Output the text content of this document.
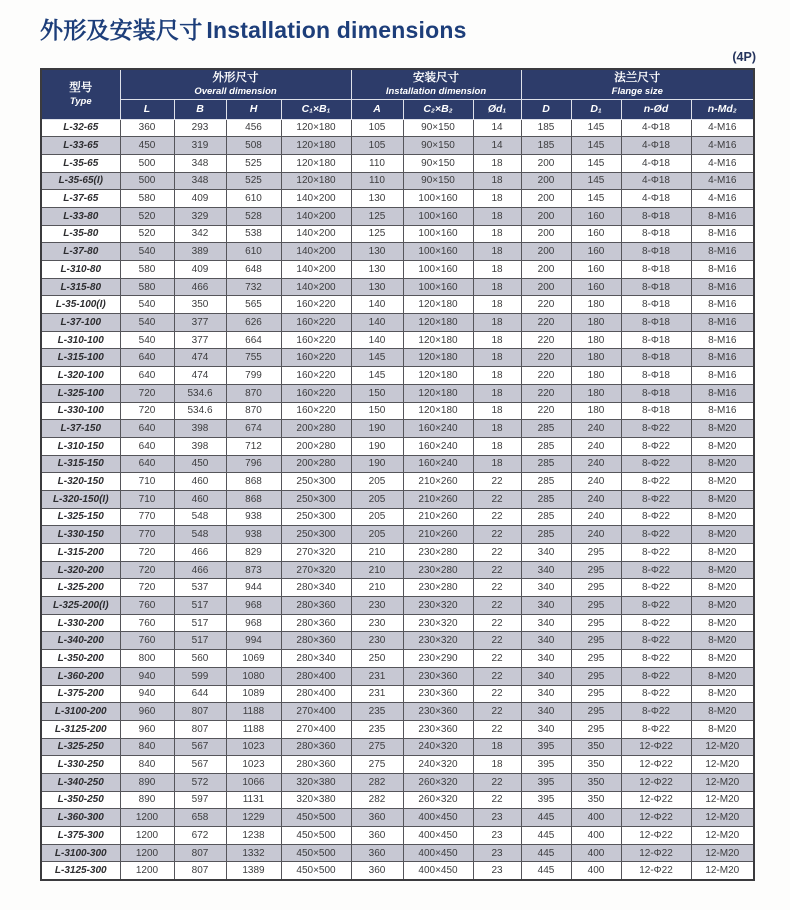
外形及安装尺寸 Installation dimensions
(4P)
型号
Type

外形尺寸
Overall dimension

安装尺寸
Installation dimension

法兰尺寸
Flange size

	L	B	H	C₁×B₁	A	C₂×B₂	Ød₁	D	D₁	n-Ød	n-Md₂
L-32-65	360	293	456	120×180	105	90×150	14	185	145	4-Φ18	4-M16
L-33-65	450	319	508	120×180	105	90×150	14	185	145	4-Φ18	4-M16
L-35-65	500	348	525	120×180	110	90×150	18	200	145	4-Φ18	4-M16
L-35-65(I)	500	348	525	120×180	110	90×150	18	200	145	4-Φ18	4-M16
L-37-65	580	409	610	140×200	130	100×160	18	200	145	4-Φ18	4-M16
L-33-80	520	329	528	140×200	125	100×160	18	200	160	8-Φ18	8-M16
L-35-80	520	342	538	140×200	125	100×160	18	200	160	8-Φ18	8-M16
L-37-80	540	389	610	140×200	130	100×160	18	200	160	8-Φ18	8-M16
L-310-80	580	409	648	140×200	130	100×160	18	200	160	8-Φ18	8-M16
L-315-80	580	466	732	140×200	130	100×160	18	200	160	8-Φ18	8-M16
L-35-100(I)	540	350	565	160×220	140	120×180	18	220	180	8-Φ18	8-M16
L-37-100	540	377	626	160×220	140	120×180	18	220	180	8-Φ18	8-M16
L-310-100	540	377	664	160×220	140	120×180	18	220	180	8-Φ18	8-M16
L-315-100	640	474	755	160×220	145	120×180	18	220	180	8-Φ18	8-M16
L-320-100	640	474	799	160×220	145	120×180	18	220	180	8-Φ18	8-M16
L-325-100	720	534.6	870	160×220	150	120×180	18	220	180	8-Φ18	8-M16
L-330-100	720	534.6	870	160×220	150	120×180	18	220	180	8-Φ18	8-M16
L-37-150	640	398	674	200×280	190	160×240	18	285	240	8-Φ22	8-M20
L-310-150	640	398	712	200×280	190	160×240	18	285	240	8-Φ22	8-M20
L-315-150	640	450	796	200×280	190	160×240	18	285	240	8-Φ22	8-M20
L-320-150	710	460	868	250×300	205	210×260	22	285	240	8-Φ22	8-M20
L-320-150(I)	710	460	868	250×300	205	210×260	22	285	240	8-Φ22	8-M20
L-325-150	770	548	938	250×300	205	210×260	22	285	240	8-Φ22	8-M20
L-330-150	770	548	938	250×300	205	210×260	22	285	240	8-Φ22	8-M20
L-315-200	720	466	829	270×320	210	230×280	22	340	295	8-Φ22	8-M20
L-320-200	720	466	873	270×320	210	230×280	22	340	295	8-Φ22	8-M20
L-325-200	720	537	944	280×340	210	230×280	22	340	295	8-Φ22	8-M20
L-325-200(I)	760	517	968	280×360	230	230×320	22	340	295	8-Φ22	8-M20
L-330-200	760	517	968	280×360	230	230×320	22	340	295	8-Φ22	8-M20
L-340-200	760	517	994	280×360	230	230×320	22	340	295	8-Φ22	8-M20
L-350-200	800	560	1069	280×340	250	230×290	22	340	295	8-Φ22	8-M20
L-360-200	940	599	1080	280×400	231	230×360	22	340	295	8-Φ22	8-M20
L-375-200	940	644	1089	280×400	231	230×360	22	340	295	8-Φ22	8-M20
L-3100-200	960	807	1188	270×400	235	230×360	22	340	295	8-Φ22	8-M20
L-3125-200	960	807	1188	270×400	235	230×360	22	340	295	8-Φ22	8-M20
L-325-250	840	567	1023	280×360	275	240×320	18	395	350	12-Φ22	12-M20
L-330-250	840	567	1023	280×360	275	240×320	18	395	350	12-Φ22	12-M20
L-340-250	890	572	1066	320×380	282	260×320	22	395	350	12-Φ22	12-M20
L-350-250	890	597	1131	320×380	282	260×320	22	395	350	12-Φ22	12-M20
L-360-300	1200	658	1229	450×500	360	400×450	23	445	400	12-Φ22	12-M20
L-375-300	1200	672	1238	450×500	360	400×450	23	445	400	12-Φ22	12-M20
L-3100-300	1200	807	1332	450×500	360	400×450	23	445	400	12-Φ22	12-M20
L-3125-300	1200	807	1389	450×500	360	400×450	23	445	400	12-Φ22	12-M20
